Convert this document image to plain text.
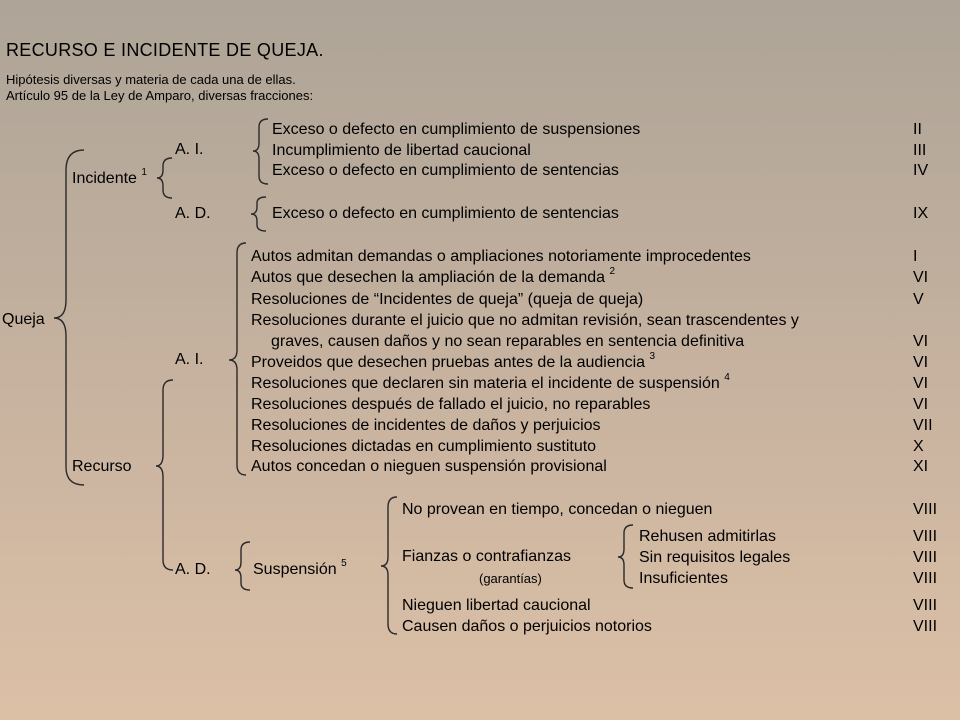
RECURSO E INCIDENTE DE QUEJA.
Hipótesis diversas y materia de cada una de ellas.
Artículo 95 de la Ley de Amparo, diversas fracciones:
Queja
Incidente $^1$
A. I.
A. D.
Exceso o defecto en cumplimiento de suspensiones	II
Incumplimiento de libertad caucional	III
Exceso o defecto en cumplimiento de sentencias	IV
Exceso o defecto en cumplimiento de sentencias	IX
Recurso
A. I.
A. D.
Autos admitan demandas o ampliaciones notoriamente improcedentes	I
Autos que desechen la ampliación de la demanda $^2$	VI
Resoluciones de “Incidentes de queja” (queja de queja)	V
Resoluciones durante el juicio que no admitan revisión, sean trascendentes y
graves, causen daños y no sean reparables en sentencia definitiva	VI
Proveidos que desechen pruebas antes de la audiencia $^3$	VI
Resoluciones que declaren sin materia el incidente de suspensión $^4$	VI
Resoluciones después de fallado el juicio, no reparables	VI
Resoluciones de incidentes de daños y perjuicios	VII
Resoluciones dictadas en cumplimiento sustituto	X
Autos concedan o nieguen suspensión provisional	XI
Suspensión $^5$
No provean en tiempo, concedan o nieguen	VIII
Fianzas o contrafianzas
(garantías)
Rehusen admitirlas	VIII
Sin requisitos legales	VIII
Insuficientes	VIII
Nieguen libertad caucional	VIII
Causen daños o perjuicios notorios	VIII
